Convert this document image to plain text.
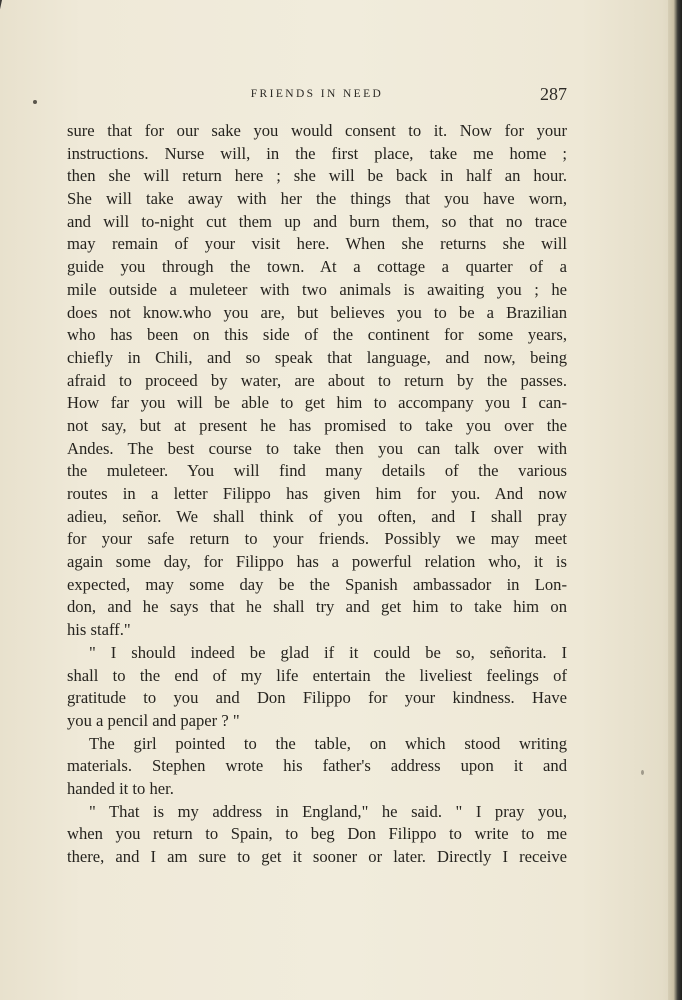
FRIENDS IN NEED	287
sure that for our sake you would consent to it. Now for your
instructions. Nurse will, in the first place, take me home ;
then she will return here ; she will be back in half an hour.
She will take away with her the things that you have worn,
and will to-night cut them up and burn them, so that no trace
may remain of your visit here. When she returns she will
guide you through the town. At a cottage a quarter of a
mile outside a muleteer with two animals is awaiting you ; he
does not know.who you are, but believes you to be a Brazilian
who has been on this side of the continent for some years,
chiefly in Chili, and so speak that language, and now, being
afraid to proceed by water, are about to return by the passes.
How far you will be able to get him to accompany you I can-
not say, but at present he has promised to take you over the
Andes. The best course to take then you can talk over with
the muleteer. You will find many details of the various
routes in a letter Filippo has given him for you. And now
adieu, señor. We shall think of you often, and I shall pray
for your safe return to your friends. Possibly we may meet
again some day, for Filippo has a powerful relation who, it is
expected, may some day be the Spanish ambassador in Lon-
don, and he says that he shall try and get him to take him on
his staff."
" I should indeed be glad if it could be so, señorita. I
shall to the end of my life entertain the liveliest feelings of
gratitude to you and Don Filippo for your kindness. Have
you a pencil and paper ? "
The girl pointed to the table, on which stood writing
materials. Stephen wrote his father's address upon it and
handed it to her.
" That is my address in England," he said. " I pray you,
when you return to Spain, to beg Don Filippo to write to me
there, and I am sure to get it sooner or later. Directly I receive
